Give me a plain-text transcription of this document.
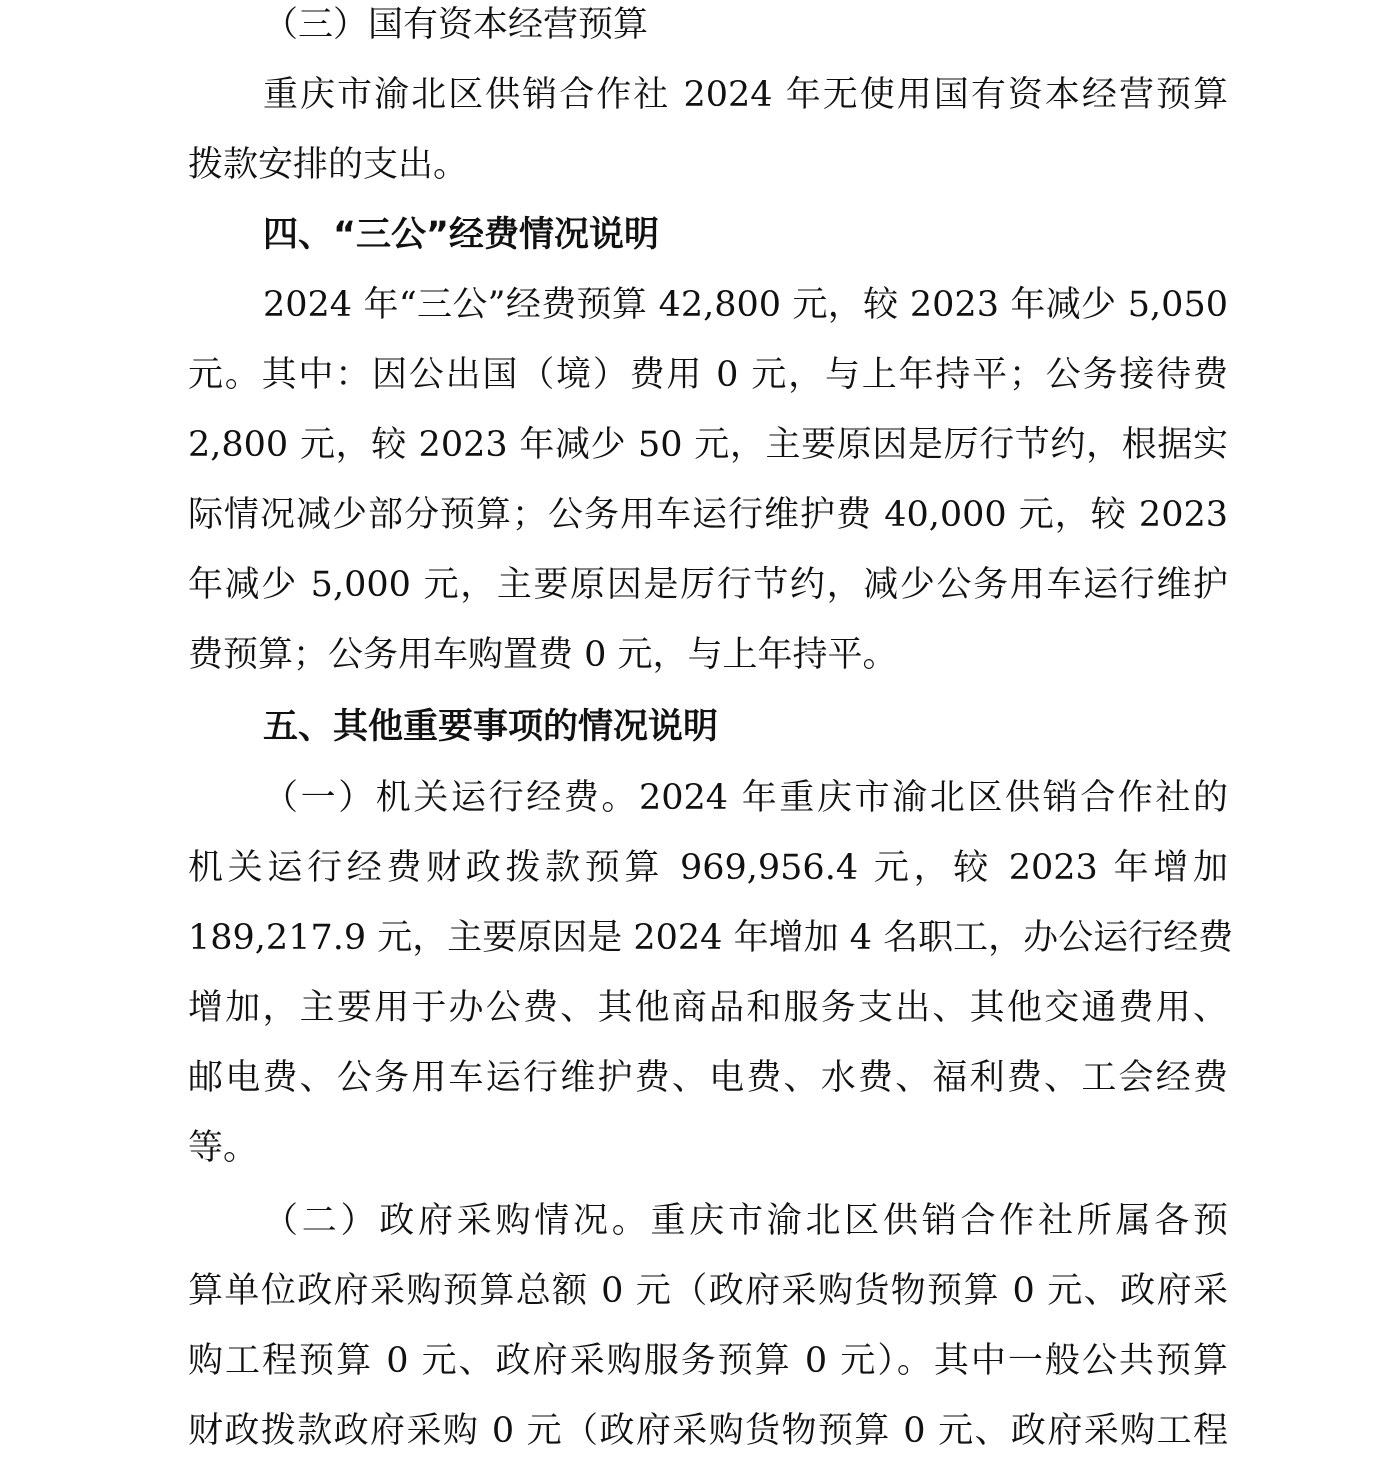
（三）国有资本经营预算
重庆市渝北区供销合作社 2024 年无使用国有资本经营预算
拨款安排的支出。
四、“三公”经费情况说明
2024 年“三公”经费预算 42,800 元，较 2023 年减少 5,050
元。其中：因公出国（境）费用 0 元，与上年持平；公务接待费
2,800 元，较 2023 年减少 50 元，主要原因是厉行节约，根据实
际情况减少部分预算；公务用车运行维护费 40,000 元，较 2023
年减少 5,000 元，主要原因是厉行节约，减少公务用车运行维护
费预算；公务用车购置费 0 元，与上年持平。
五、其他重要事项的情况说明
（一）机关运行经费。2024 年重庆市渝北区供销合作社的
机关运行经费财政拨款预算 969,956.4 元，较 2023 年增加
189,217.9 元，主要原因是 2024 年增加 4 名职工，办公运行经费
增加，主要用于办公费、其他商品和服务支出、其他交通费用、
邮电费、公务用车运行维护费、电费、水费、福利费、工会经费
等。
（二）政府采购情况。重庆市渝北区供销合作社所属各预
算单位政府采购预算总额 0 元（政府采购货物预算 0 元、政府采
购工程预算 0 元、政府采购服务预算 0 元）。其中一般公共预算
财政拨款政府采购 0 元（政府采购货物预算 0 元、政府采购工程
